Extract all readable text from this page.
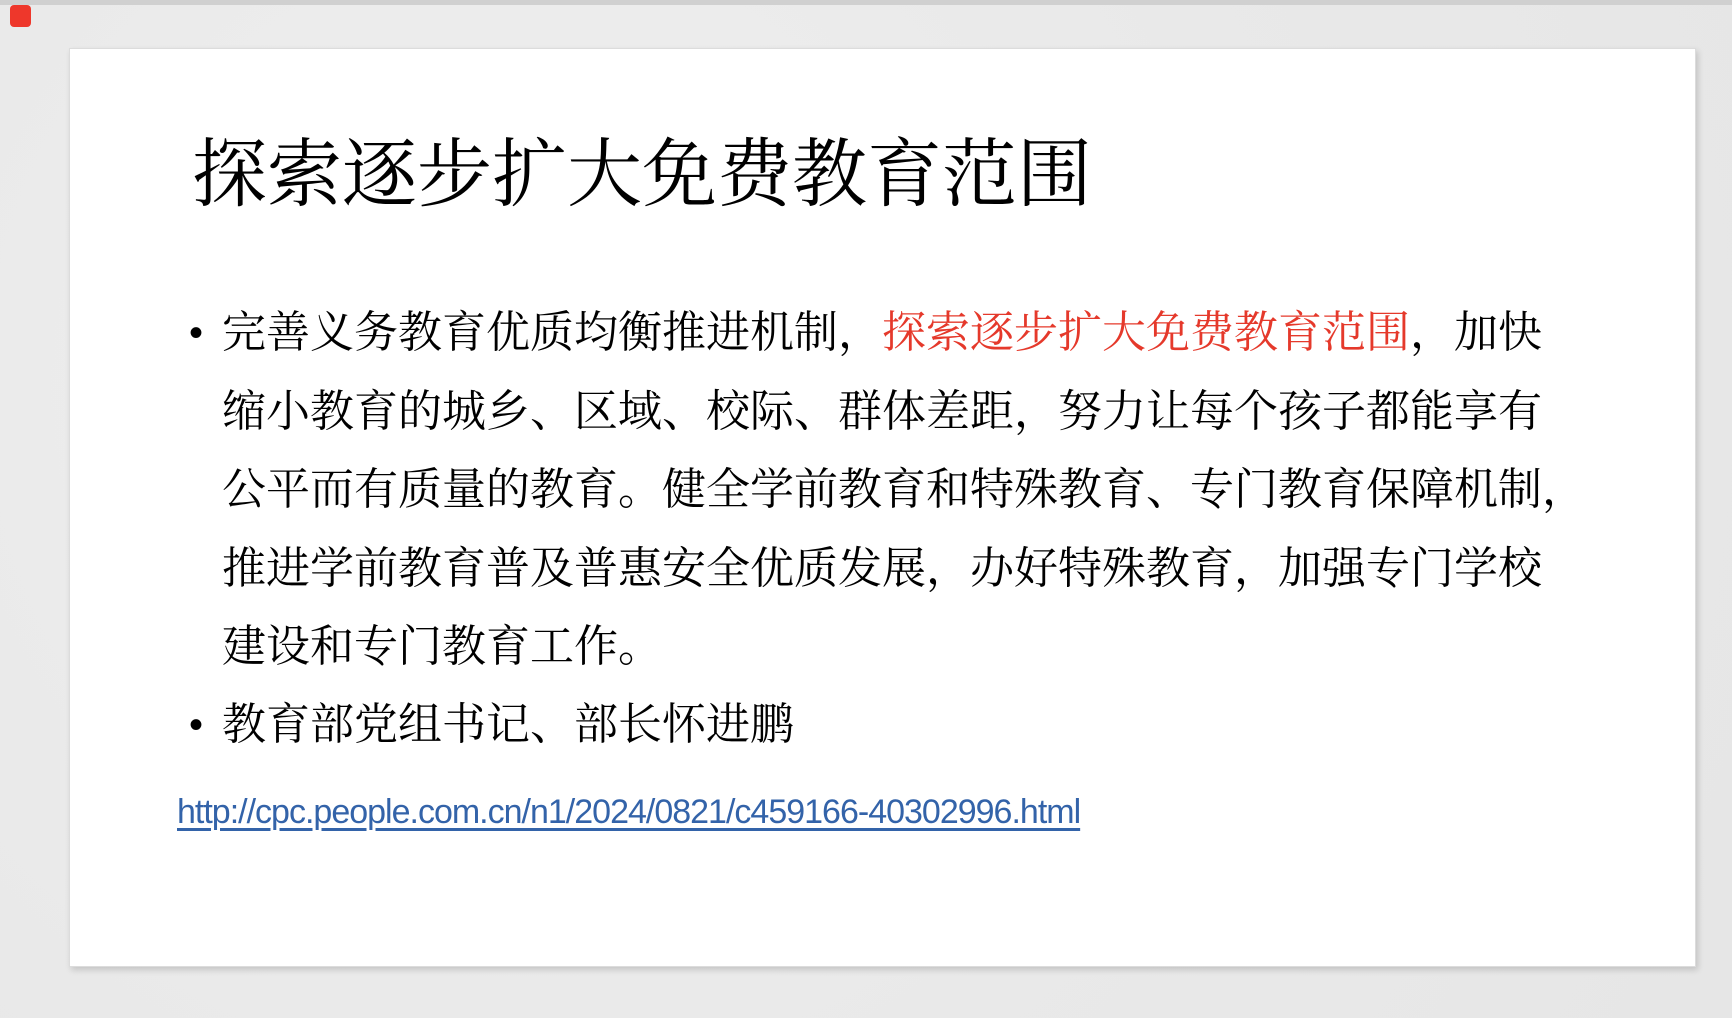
探索逐步扩大免费教育范围
• 完善义务教育优质均衡推进机制，探索逐步扩大免费教育范围，加快
缩小教育的城乡、区域、校际、群体差距，努力让每个孩子都能享有
公平而有质量的教育。健全学前教育和特殊教育、专门教育保障机制，
推进学前教育普及普惠安全优质发展，办好特殊教育，加强专门学校
建设和专门教育工作。
• 教育部党组书记、部长怀进鹏
http://cpc.people.com.cn/n1/2024/0821/c459166-40302996.html
